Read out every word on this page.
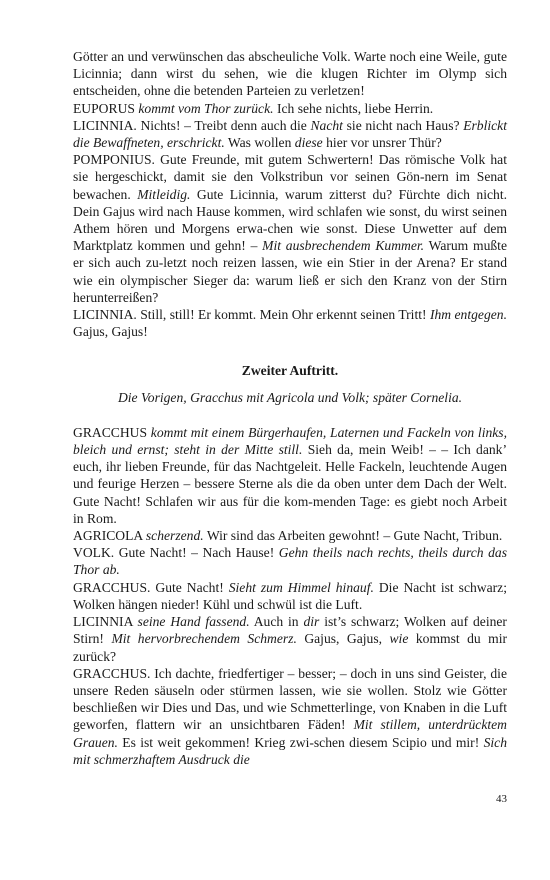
Götter an und verwünschen das abscheuliche Volk. Warte noch eine Weile, gute Licinnia; dann wirst du sehen, wie die klugen Richter im Olymp sich entscheiden, ohne die betenden Parteien zu verletzen!

EUPORUS kommt vom Thor zurück. Ich sehe nichts, liebe Herrin.

LICINNIA. Nichts! – Treibt denn auch die Nacht sie nicht nach Haus? Erblickt die Bewaffneten, erschrickt. Was wollen diese hier vor unsrer Thür?

POMPONIUS. Gute Freunde, mit gutem Schwertern! Das römische Volk hat sie hergeschickt, damit sie den Volkstribun vor seinen Gön-nern im Senat bewachen. Mitleidig. Gute Licinnia, warum zitterst du? Fürchte dich nicht. Dein Gajus wird nach Hause kommen, wird schlafen wie sonst, du wirst seinen Athem hören und Morgens erwa-chen wie sonst. Diese Unwetter auf dem Marktplatz kommen und gehn! – Mit ausbrechendem Kummer. Warum mußte er sich auch zu-letzt noch reizen lassen, wie ein Stier in der Arena? Er stand wie ein olympischer Sieger da: warum ließ er sich den Kranz von der Stirn herunterreißen?

LICINNIA. Still, still! Er kommt. Mein Ohr erkennt seinen Tritt! Ihm entgegen. Gajus, Gajus!

Zweiter Auftritt.

Die Vorigen, Gracchus mit Agricola und Volk; später Cornelia.

GRACCHUS kommt mit einem Bürgerhaufen, Laternen und Fackeln von links, bleich und ernst; steht in der Mitte still. Sieh da, mein Weib! – – Ich dank’ euch, ihr lieben Freunde, für das Nachtgeleit. Helle Fackeln, leuchtende Augen und feurige Herzen – bessere Sterne als die da oben unter dem Dach der Welt. Gute Nacht! Schlafen wir aus für die kom-menden Tage: es giebt noch Arbeit in Rom.

AGRICOLA scherzend. Wir sind das Arbeiten gewohnt! – Gute Nacht, Tribun.

VOLK. Gute Nacht! – Nach Hause! Gehn theils nach rechts, theils durch das Thor ab.

GRACCHUS. Gute Nacht! Sieht zum Himmel hinauf. Die Nacht ist schwarz; Wolken hängen nieder! Kühl und schwül ist die Luft.

LICINNIA seine Hand fassend. Auch in dir ist’s schwarz; Wolken auf deiner Stirn! Mit hervorbrechendem Schmerz. Gajus, Gajus, wie kommst du mir zurück?

GRACCHUS. Ich dachte, friedfertiger – besser; – doch in uns sind Geister, die unsere Reden säuseln oder stürmen lassen, wie sie wollen. Stolz wie Götter beschließen wir Dies und Das, und wie Schmetterlinge, von Knaben in die Luft geworfen, flattern wir an unsichtbaren Fäden! Mit stillem, unterdrücktem Grauen. Es ist weit gekommen! Krieg zwi-schen diesem Scipio und mir! Sich mit schmerzhaftem Ausdruck die

43
